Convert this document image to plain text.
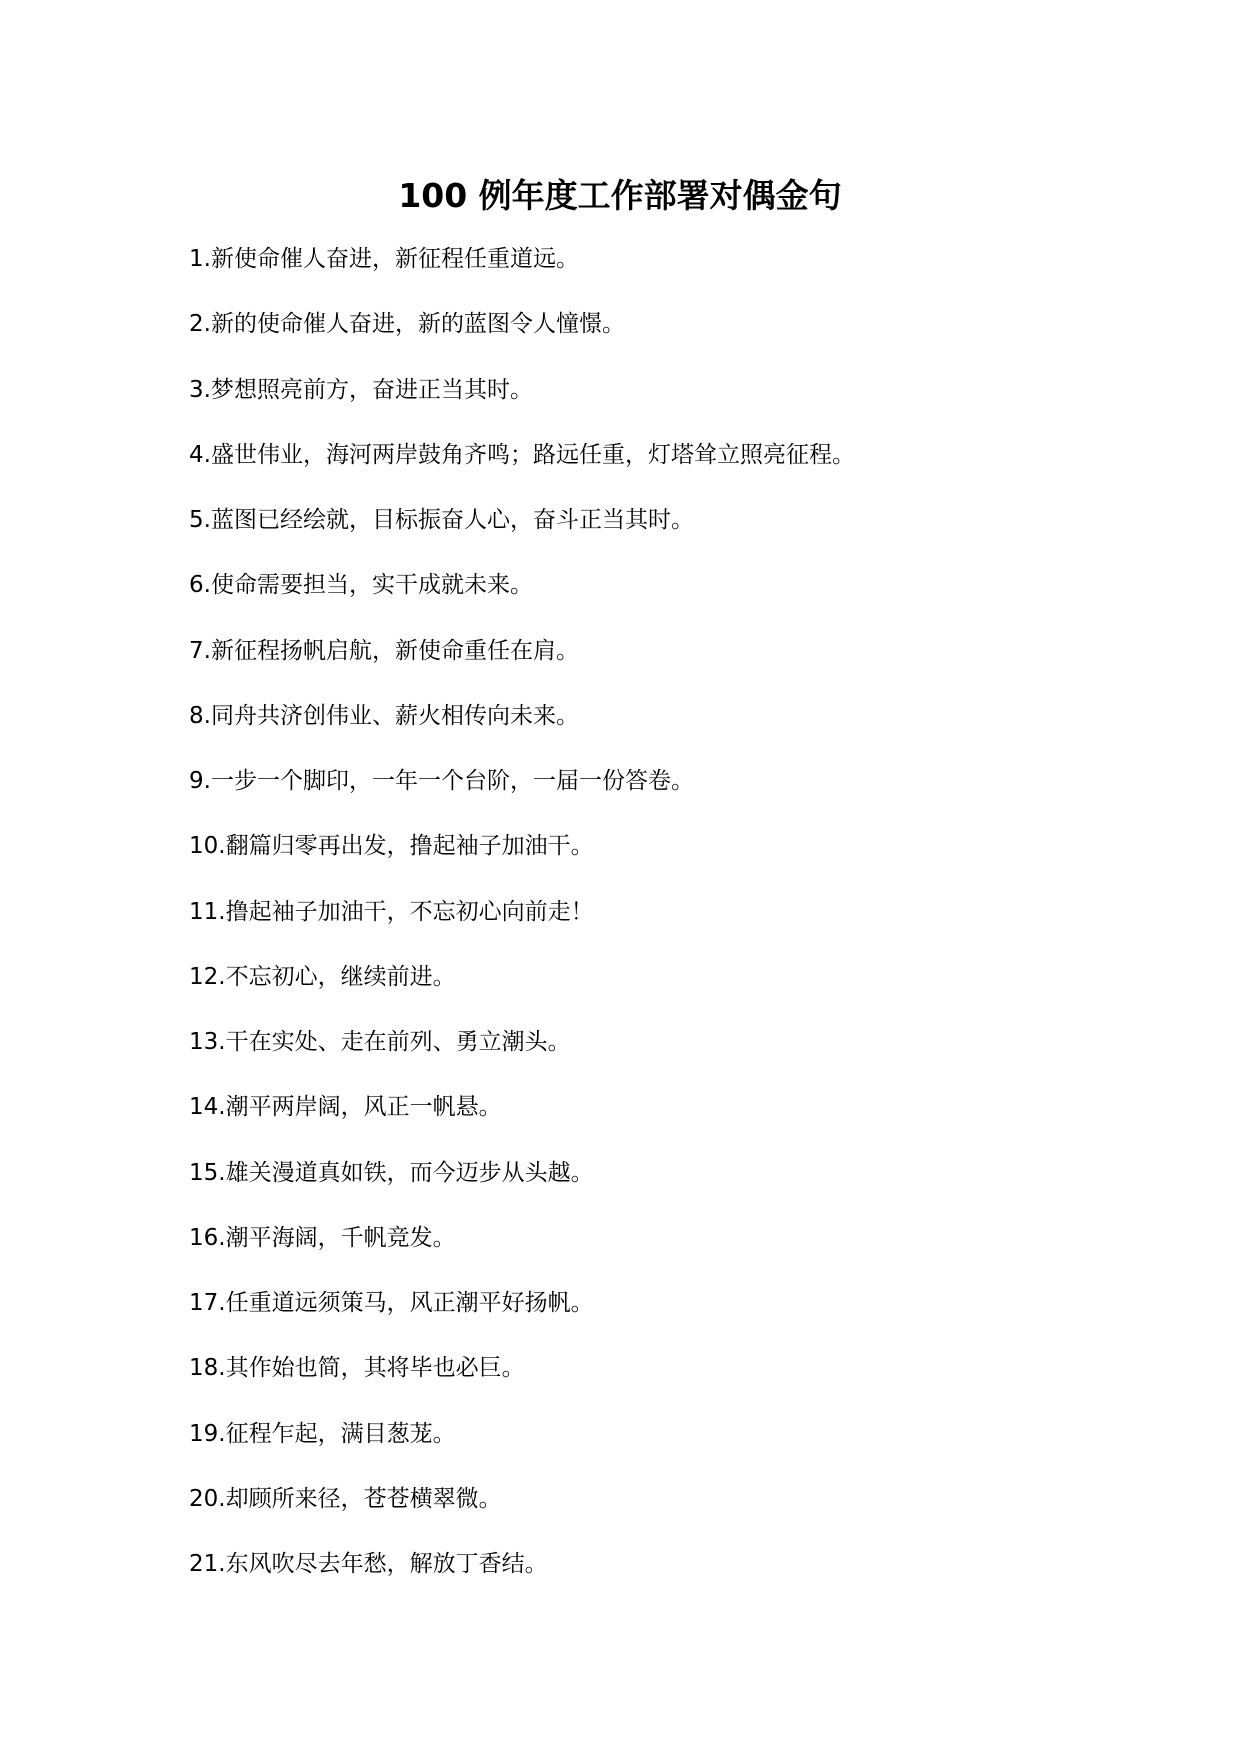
100 例年度工作部署对偶金句
1.新使命催人奋进，新征程任重道远。
2.新的使命催人奋进，新的蓝图令人憧憬。
3.梦想照亮前方，奋进正当其时。
4.盛世伟业，海河两岸鼓角齐鸣；路远任重，灯塔耸立照亮征程。
5.蓝图已经绘就，目标振奋人心，奋斗正当其时。
6.使命需要担当，实干成就未来。
7.新征程扬帆启航，新使命重任在肩。
8.同舟共济创伟业、薪火相传向未来。
9.一步一个脚印，一年一个台阶，一届一份答卷。
10.翻篇归零再出发，撸起袖子加油干。
11.撸起袖子加油干，不忘初心向前走！
12.不忘初心，继续前进。
13.干在实处、走在前列、勇立潮头。
14.潮平两岸阔，风正一帆悬。
15.雄关漫道真如铁，而今迈步从头越。
16.潮平海阔，千帆竞发。
17.任重道远须策马，风正潮平好扬帆。
18.其作始也简，其将毕也必巨。
19.征程乍起，满目葱茏。
20.却顾所来径，苍苍横翠微。
21.东风吹尽去年愁，解放丁香结。
